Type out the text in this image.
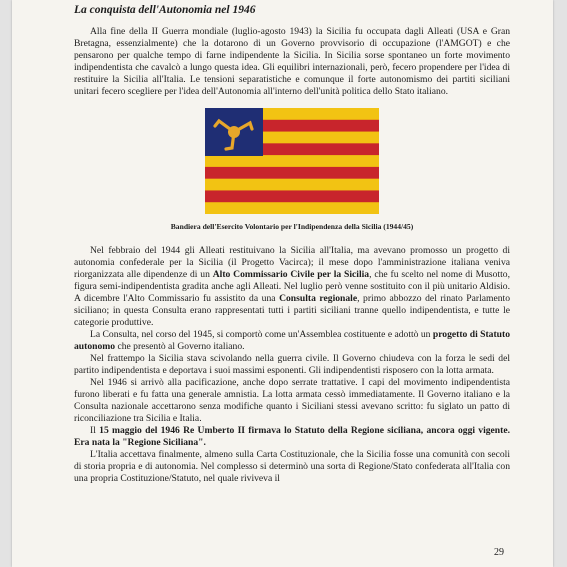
La conquista dell'Autonomia nel 1946

Alla fine della II Guerra mondiale (luglio-agosto 1943) la Sicilia fu occupata dagli Alleati (USA e Gran Bretagna, essenzialmente) che la dotarono di un Governo provvisorio di occupazione (l'AMGOT) e che pensarono per qualche tempo di farne indipendente la Sicilia. In Sicilia sorse spontaneo un forte movimento indipendentista che cavalcò a lungo questa idea. Gli equilibri internazionali, però, fecero propendere per l'idea di restituire la Sicilia all'Italia. Le tensioni separatistiche e comunque il forte autonomismo dei partiti siciliani unitari fecero scegliere per l'idea dell'Autonomia all'interno dell'unità politica dello Stato italiano.

Bandiera dell'Esercito Volontario per l'Indipendenza della Sicilia (1944/45)

Nel febbraio del 1944 gli Alleati restituivano la Sicilia all'Italia, ma avevano promosso un progetto di autonomia confederale per la Sicilia (il Progetto Vacirca); il mese dopo l'amministrazione italiana veniva riorganizzata alle dipendenze di un Alto Commissario Civile per la Sicilia, che fu scelto nel nome di Musotto, figura semi-indipendentista gradita anche agli Alleati. Nel luglio però venne sostituito con il più unitario Aldisio. A dicembre l'Alto Commissario fu assistito da una Consulta regionale, primo abbozzo del rinato Parlamento siciliano; in questa Consulta erano rappresentati tutti i partiti siciliani tranne quello indipendentista, e tutte le categorie produttive.

La Consulta, nel corso del 1945, si comportò come un'Assemblea costituente e adottò un progetto di Statuto autonomo che presentò al Governo italiano.

Nel frattempo la Sicilia stava scivolando nella guerra civile. Il Governo chiudeva con la forza le sedi del partito indipendentista e deportava i suoi massimi esponenti. Gli indipendentisti risposero con la lotta armata.

Nel 1946 si arrivò alla pacificazione, anche dopo serrate trattative. I capi del movimento indipendentista furono liberati e fu fatta una generale amnistia. La lotta armata cessò immediatamente. Il Governo italiano e la Consulta nazionale accettarono senza modifiche quanto i Siciliani stessi avevano scritto: fu siglato un patto di riconciliazione tra Sicilia e Italia.

Il 15 maggio del 1946 Re Umberto II firmava lo Statuto della Regione siciliana, ancora oggi vigente. Era nata la "Regione Siciliana".

L'Italia accettava finalmente, almeno sulla Carta Costituzionale, che la Sicilia fosse una comunità con secoli di storia propria e di autonomia. Nel complesso si determinò una sorta di Regione/Stato confederata all'Italia con una propria Costituzione/Statuto, nel quale riviveva il

29
